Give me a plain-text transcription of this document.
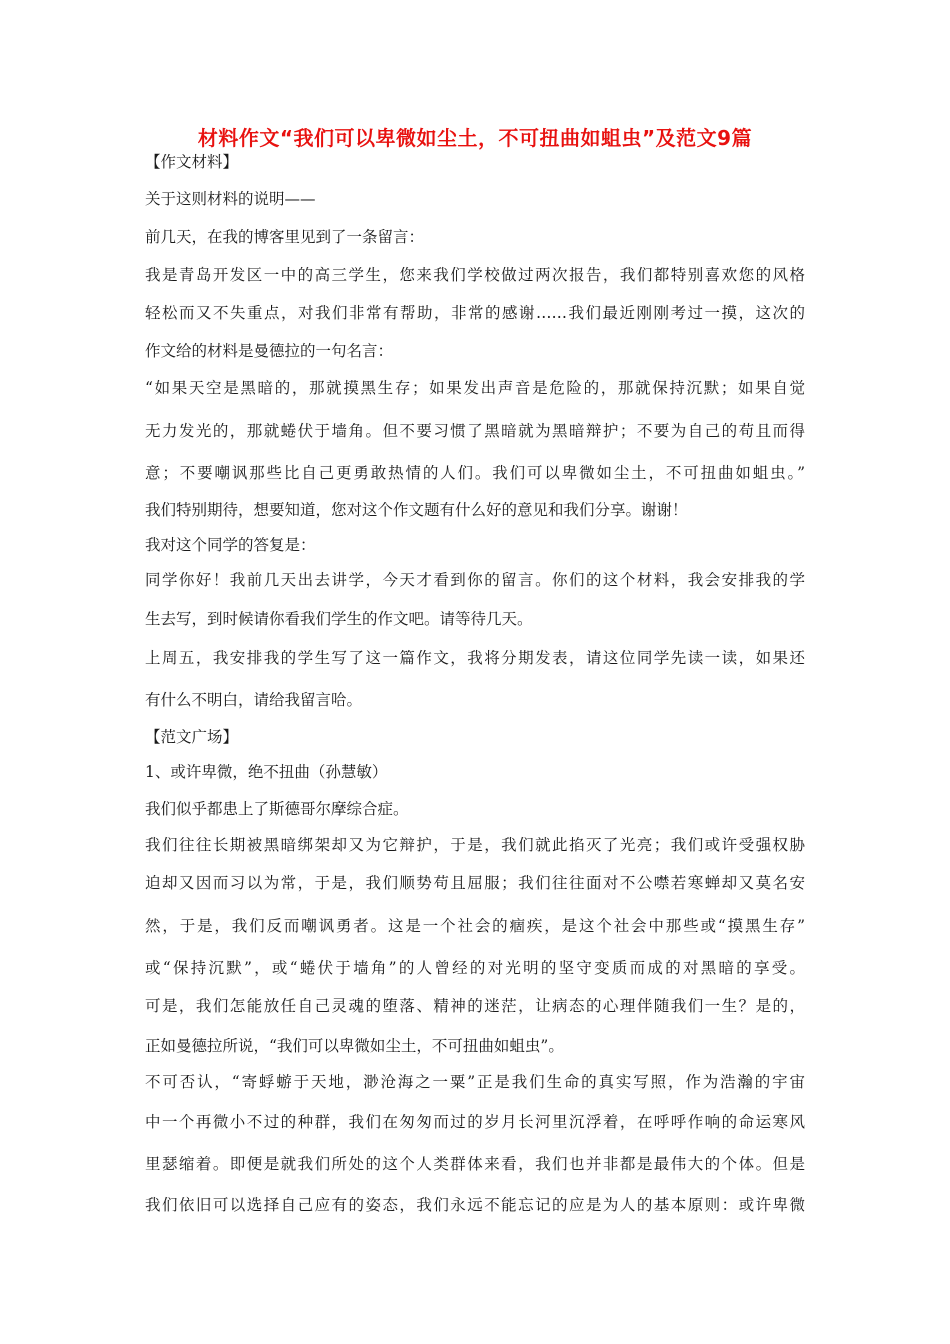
材料作文“我们可以卑微如尘土，不可扭曲如蛆虫”及范文9篇
【作文材料】
关于这则材料的说明——
前几天，在我的博客里见到了一条留言：
我是青岛开发区一中的高三学生，您来我们学校做过两次报告，我们都特别喜欢您的风格
轻松而又不失重点，对我们非常有帮助，非常的感谢……我们最近刚刚考过一摸，这次的
作文给的材料是曼德拉的一句名言：
“如果天空是黑暗的，那就摸黑生存；如果发出声音是危险的，那就保持沉默；如果自觉
无力发光的，那就蜷伏于墙角。但不要习惯了黑暗就为黑暗辩护；不要为自己的苟且而得
意；不要嘲讽那些比自己更勇敢热情的人们。我们可以卑微如尘土，不可扭曲如蛆虫。”
我们特别期待，想要知道，您对这个作文题有什么好的意见和我们分享。谢谢！
我对这个同学的答复是：
同学你好！我前几天出去讲学，今天才看到你的留言。你们的这个材料，我会安排我的学
生去写，到时候请你看我们学生的作文吧。请等待几天。
上周五，我安排我的学生写了这一篇作文，我将分期发表，请这位同学先读一读，如果还
有什么不明白，请给我留言哈。
【范文广场】
1、或许卑微，绝不扭曲（孙慧敏）
我们似乎都患上了斯德哥尔摩综合症。
我们往往长期被黑暗绑架却又为它辩护，于是，我们就此掐灭了光亮；我们或许受强权胁
迫却又因而习以为常，于是，我们顺势苟且屈服；我们往往面对不公噤若寒蝉却又莫名安
然，于是，我们反而嘲讽勇者。这是一个社会的痼疾，是这个社会中那些或“摸黑生存”
或“保持沉默”，或“蜷伏于墙角”的人曾经的对光明的坚守变质而成的对黑暗的享受。
可是，我们怎能放任自己灵魂的堕落、精神的迷茫，让病态的心理伴随我们一生？是的，
正如曼德拉所说，“我们可以卑微如尘土，不可扭曲如蛆虫”。
不可否认，“寄蜉蝣于天地，渺沧海之一粟”正是我们生命的真实写照，作为浩瀚的宇宙
中一个再微小不过的种群，我们在匆匆而过的岁月长河里沉浮着，在呼呼作响的命运寒风
里瑟缩着。即便是就我们所处的这个人类群体来看，我们也并非都是最伟大的个体。但是
我们依旧可以选择自己应有的姿态，我们永远不能忘记的应是为人的基本原则：或许卑微
